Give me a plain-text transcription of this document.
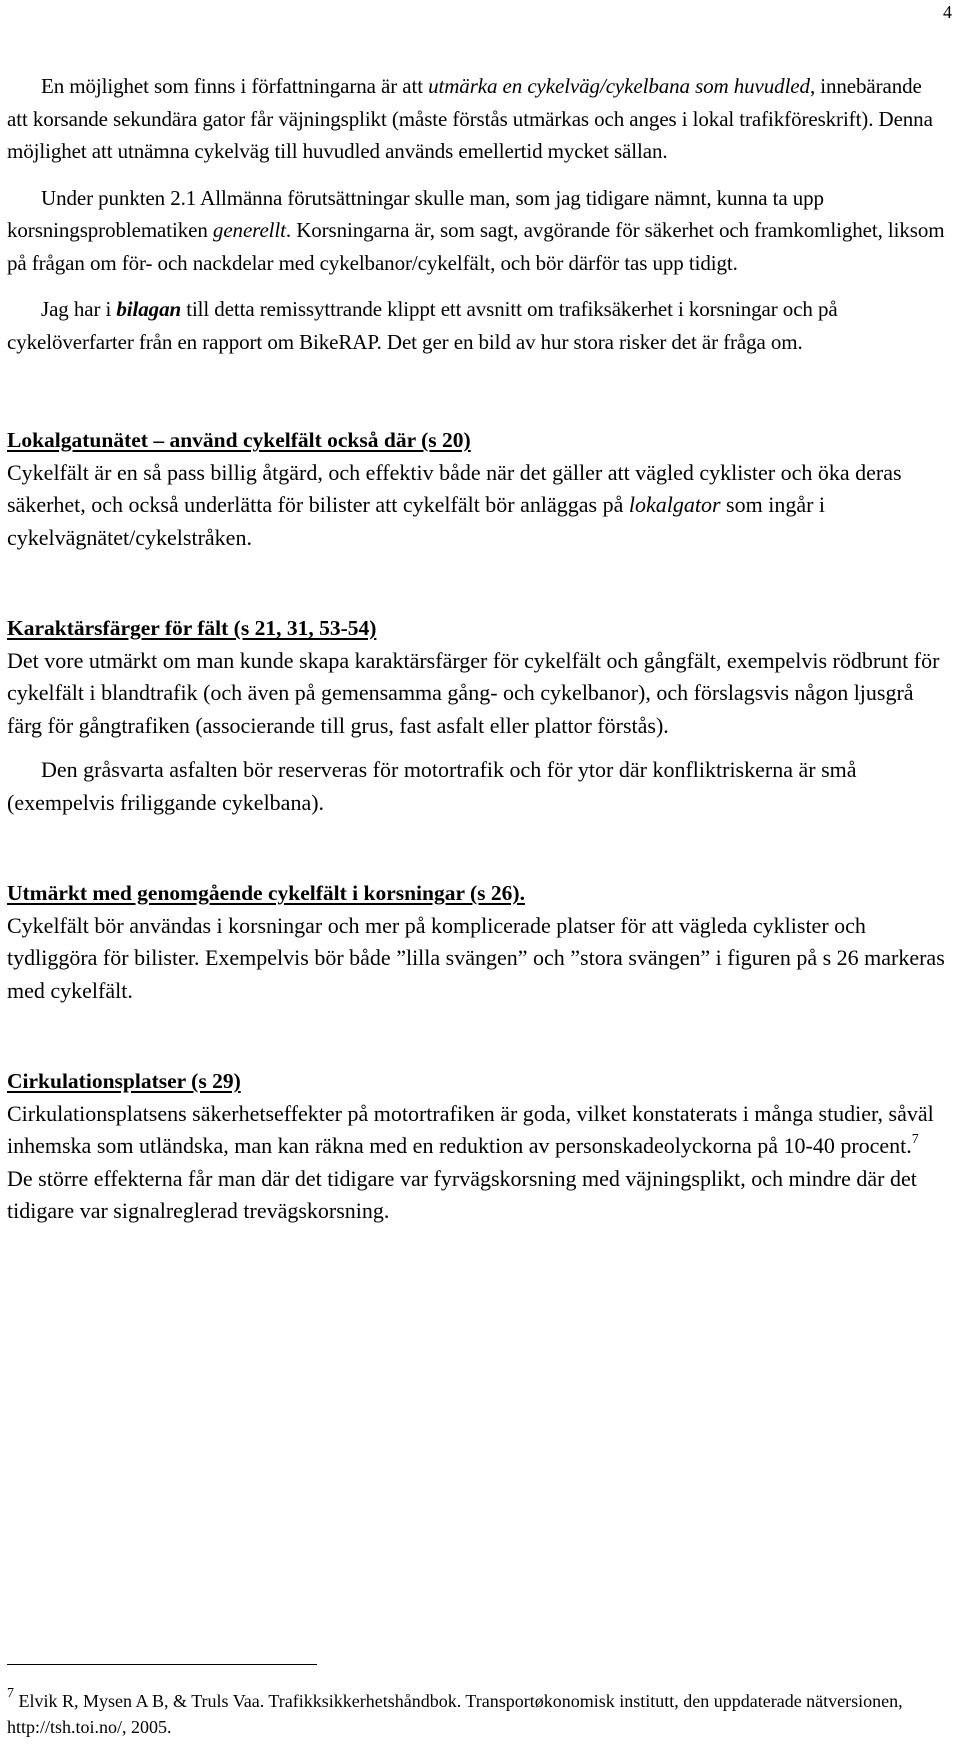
4

En möjlighet som finns i författningarna är att utmärka en cykelväg/cykelbana som huvudled, innebärande att korsande sekundära gator får väjningsplikt (måste förstås utmärkas och anges i lokal trafikföreskrift). Denna möjlighet att utnämna cykelväg till huvudled används emellertid mycket sällan.

Under punkten 2.1 Allmänna förutsättningar skulle man, som jag tidigare nämnt, kunna ta upp korsningsproblematiken generellt. Korsningarna är, som sagt, avgörande för säkerhet och framkomlighet, liksom på frågan om för- och nackdelar med cykelbanor/cykelfält, och bör därför tas upp tidigt.

Jag har i bilagan till detta remissyttrande klippt ett avsnitt om trafiksäkerhet i korsningar och på cykelöverfarter från en rapport om BikeRAP. Det ger en bild av hur stora risker det är fråga om.

Lokalgatunätet – använd cykelfält också där (s 20)

Cykelfält är en så pass billig åtgärd, och effektiv både när det gäller att vägled cyklister och öka deras säkerhet, och också underlätta för bilister att cykelfält bör anläggas på lokalgator som ingår i cykelvägnätet/cykelstråken.

Karaktärsfärger för fält (s 21, 31, 53-54)

Det vore utmärkt om man kunde skapa karaktärsfärger för cykelfält och gångfält, exempelvis rödbrunt för cykelfält i blandtrafik (och även på gemensamma gång- och cykelbanor), och förslagsvis någon ljusgrå färg för gångtrafiken (associerande till grus, fast asfalt eller plattor förstås).

Den gråsvarta asfalten bör reserveras för motortrafik och för ytor där konfliktriskerna är små (exempelvis friliggande cykelbana).

Utmärkt med genomgående cykelfält i korsningar (s 26).

Cykelfält bör användas i korsningar och mer på komplicerade platser för att vägleda cyklister och tydliggöra för bilister. Exempelvis bör både ”lilla svängen” och ”stora svängen” i figuren på s 26 markeras med cykelfält.

Cirkulationsplatser (s 29)

Cirkulationsplatsens säkerhetseffekter på motortrafiken är goda, vilket konstaterats i många studier, såväl inhemska som utländska, man kan räkna med en reduktion av personskadeolyckorna på 10-40 procent.$^7$ De större effekterna får man där det tidigare var fyrvägskorsning med väjningsplikt, och mindre där det tidigare var signalreglerad trevägskorsning.

$^7$ Elvik R, Mysen A B, & Truls Vaa. Trafikksikkerhetshåndbok. Transportøkonomisk institutt, den uppdaterade nätversionen, http://tsh.toi.no/, 2005.
